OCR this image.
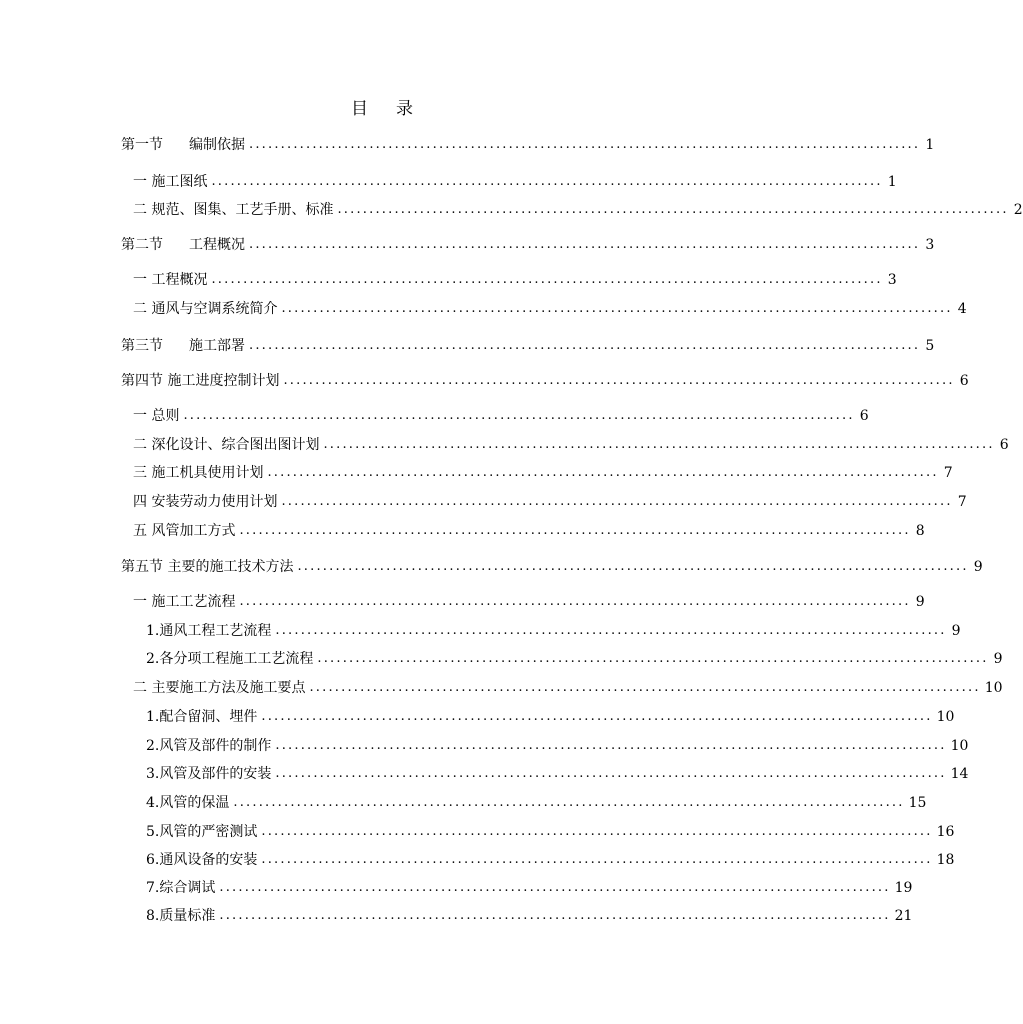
目 录
第一节 编制依据 .......................................................................................................... 1
一 施工图纸 .......................................................................................................... 1
二 规范、图集、工艺手册、标准 .......................................................................................................... 2
第二节 工程概况 .......................................................................................................... 3
一 工程概况 .......................................................................................................... 3
二 通风与空调系统简介 .......................................................................................................... 4
第三节 施工部署 .......................................................................................................... 5
第四节 施工进度控制计划 .......................................................................................................... 6
一 总则 .......................................................................................................... 6
二 深化设计、综合图出图计划 .......................................................................................................... 6
三 施工机具使用计划 .......................................................................................................... 7
四 安装劳动力使用计划 .......................................................................................................... 7
五 风管加工方式 .......................................................................................................... 8
第五节 主要的施工技术方法 .......................................................................................................... 9
一 施工工艺流程 .......................................................................................................... 9
1.通风工程工艺流程 .......................................................................................................... 9
2.各分项工程施工工艺流程 .......................................................................................................... 9
二 主要施工方法及施工要点 .......................................................................................................... 10
1.配合留洞、埋件 .......................................................................................................... 10
2.风管及部件的制作 .......................................................................................................... 10
3.风管及部件的安装 .......................................................................................................... 14
4.风管的保温 .......................................................................................................... 15
5.风管的严密测试 .......................................................................................................... 16
6.通风设备的安装 .......................................................................................................... 18
7.综合调试 .......................................................................................................... 19
8.质量标准 .......................................................................................................... 21
